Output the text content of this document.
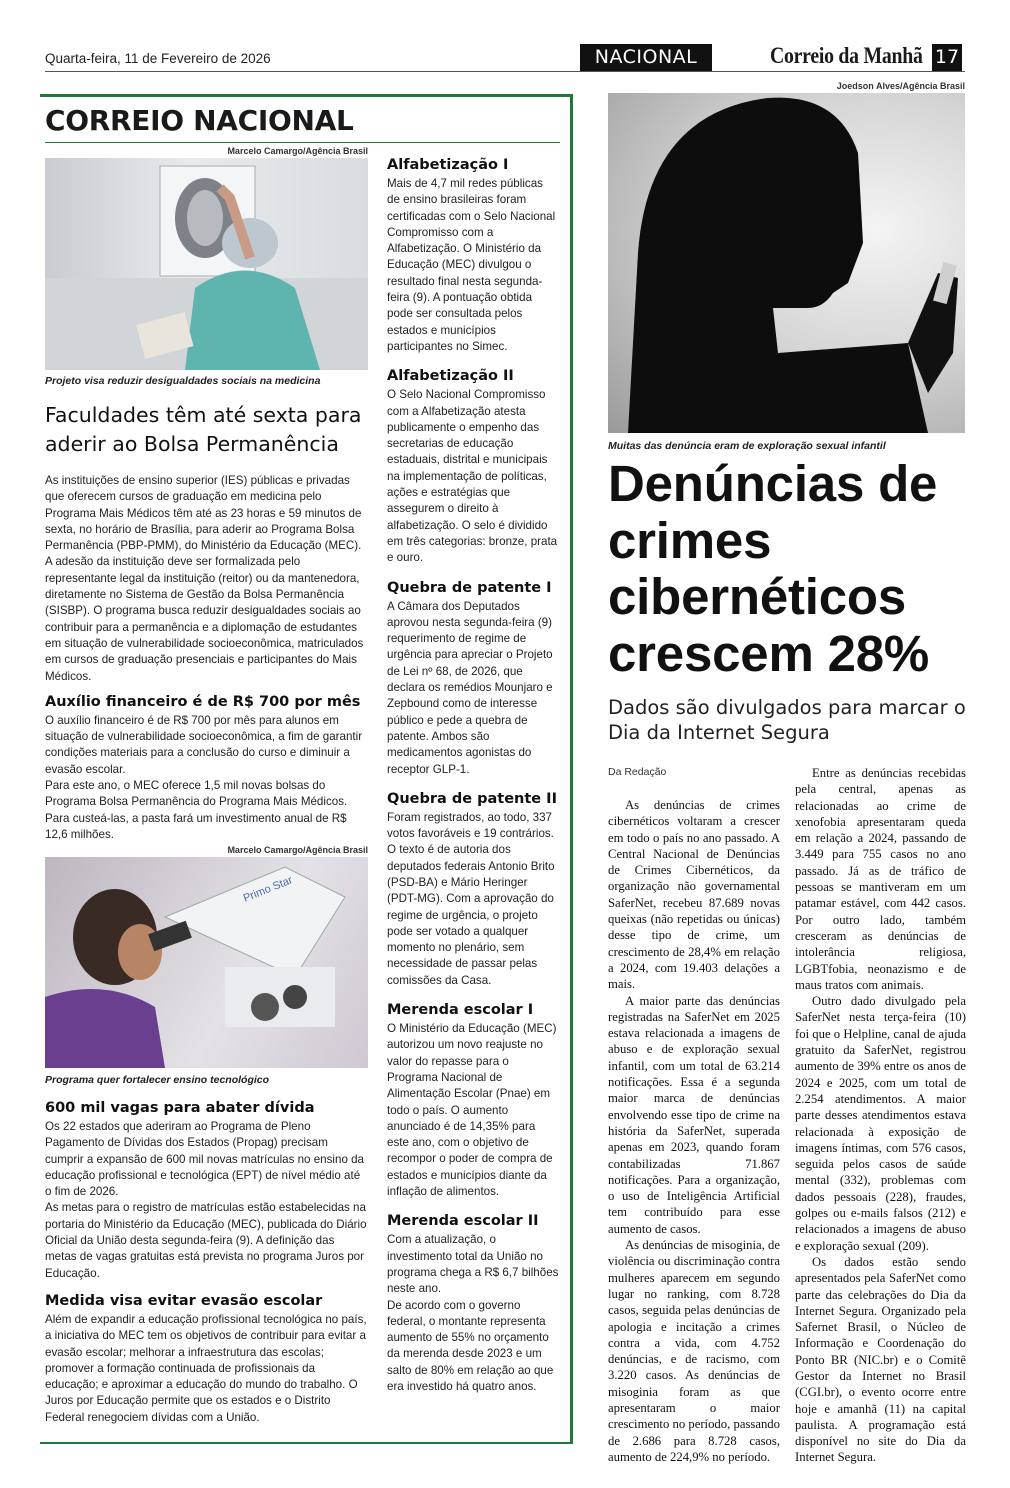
Quarta-feira, 11 de Fevereiro de 2026	NACIONAL	Correio da Manhã 17
CORREIO NACIONAL
Marcelo Camargo/Agência Brasil
Projeto visa reduzir desigualdades sociais na medicina
Faculdades têm até sexta para aderir ao Bolsa Permanência

As instituições de ensino superior (IES) públicas e privadas que oferecem cursos de graduação em medicina pelo Programa Mais Médicos têm até as 23 horas e 59 minutos de sexta, no horário de Brasília, para aderir ao Programa Bolsa Permanência (PBP-PMM), do Ministério da Educação (MEC). A adesão da instituição deve ser formalizada pelo representante legal da instituição (reitor) ou da mantenedora, diretamente no Sistema de Gestão da Bolsa Permanência (SISBP). O programa busca reduzir desigualdades sociais ao contribuir para a permanência e a diplomação de estudantes em situação de vulnerabilidade socioeconômica, matriculados em cursos de graduação presenciais e participantes do Mais Médicos.

Auxílio financeiro é de R$ 700 por mês

O auxílio financeiro é de R$ 700 por mês para alunos em situação de vulnerabilidade socioeconômica, a fim de garantir condições materiais para a conclusão do curso e diminuir a evasão escolar.

Para este ano, o MEC oferece 1,5 mil novas bolsas do Programa Bolsa Permanência do Programa Mais Médicos. Para custeá-las, a pasta fará um investimento anual de R$ 12,6 milhões.

Marcelo Camargo/Agência Brasil
Primo Star
Programa quer fortalecer ensino tecnológico
600 mil vagas para abater dívida

Os 22 estados que aderiram ao Programa de Pleno Pagamento de Dívidas dos Estados (Propag) precisam cumprir a expansão de 600 mil novas matrículas no ensino da educação profissional e tecnológica (EPT) de nível médio até o fim de 2026.

As metas para o registro de matrículas estão estabelecidas na portaria do Ministério da Educação (MEC), publicada do Diário Oficial da União desta segunda-feira (9). A definição das metas de vagas gratuitas está prevista no programa Juros por Educação.

Medida visa evitar evasão escolar

Além de expandir a educação profissional tecnológica no país, a iniciativa do MEC tem os objetivos de contribuir para evitar a evasão escolar; melhorar a infraestrutura das escolas; promover a formação continuada de profissionais da educação; e aproximar a educação do mundo do trabalho. O Juros por Educação permite que os estados e o Distrito Federal renegociem dívidas com a União.

Alfabetização I

Mais de 4,7 mil redes públicas de ensino brasileiras foram certificadas com o Selo Nacional Compromisso com a Alfabetização. O Ministério da Educação (MEC) divulgou o resultado final nesta segunda-feira (9). A pontuação obtida pode ser consultada pelos estados e municípios participantes no Simec.

Alfabetização II

O Selo Nacional Compromisso com a Alfabetização atesta publicamente o empenho das secretarias de educação estaduais, distrital e municipais na implementação de políticas, ações e estratégias que assegurem o direito à alfabetização. O selo é dividido em três categorias: bronze, prata e ouro.

Quebra de patente I

A Câmara dos Deputados aprovou nesta segunda-feira (9) requerimento de regime de urgência para apreciar o Projeto de Lei nº 68, de 2026, que declara os remédios Mounjaro e Zepbound como de interesse público e pede a quebra de patente. Ambos são medicamentos agonistas do receptor GLP-1.

Quebra de patente II

Foram registrados, ao todo, 337 votos favoráveis e 19 contrários. O texto é de autoria dos deputados federais Antonio Brito (PSD-BA) e Mário Heringer (PDT-MG). Com a aprovação do regime de urgência, o projeto pode ser votado a qualquer momento no plenário, sem necessidade de passar pelas comissões da Casa.

Merenda escolar I

O Ministério da Educação (MEC) autorizou um novo reajuste no valor do repasse para o Programa Nacional de Alimentação Escolar (Pnae) em todo o país. O aumento anunciado é de 14,35% para este ano, com o objetivo de recompor o poder de compra de estados e municípios diante da inflação de alimentos.

Merenda escolar II

Com a atualização, o investimento total da União no programa chega a R$ 6,7 bilhões neste ano.

De acordo com o governo federal, o montante representa aumento de 55% no orçamento da merenda desde 2023 e um salto de 80% em relação ao que era investido há quatro anos.

Joedson Alves/Agência Brasil
Muitas das denúncia eram de exploração sexual infantil
Denúncias de crimes cibernéticos crescem 28%
Dados são divulgados para marcar o Dia da Internet Segura
Da Redação

As denúncias de crimes cibernéticos voltaram a crescer em todo o país no ano passado. A Central Nacional de Denúncias de Crimes Cibernéticos, da organização não governamental SaferNet, recebeu 87.689 novas queixas (não repetidas ou únicas) desse tipo de crime, um crescimento de 28,4% em relação a 2024, com 19.403 delações a mais.

A maior parte das denúncias registradas na SaferNet em 2025 estava relacionada a imagens de abuso e de exploração sexual infantil, com um total de 63.214 notificações. Essa é a segunda maior marca de denúncias envolvendo esse tipo de crime na história da SaferNet, superada apenas em 2023, quando foram contabilizadas 71.867 notificações. Para a organização, o uso de Inteligência Artificial tem contribuído para esse aumento de casos.

As denúncias de misoginia, de violência ou discriminação contra mulheres aparecem em segundo lugar no ranking, com 8.728 casos, seguida pelas denúncias de apologia e incitação a crimes contra a vida, com 4.752 denúncias, e de racismo, com 3.220 casos. As denúncias de misoginia foram as que apresentaram o maior crescimento no período, passando de 2.686 para 8.728 casos, aumento de 224,9% no período.

Entre as denúncias recebidas pela central, apenas as relacionadas ao crime de xenofobia apresentaram queda em relação a 2024, passando de 3.449 para 755 casos no ano passado. Já as de tráfico de pessoas se mantiveram em um patamar estável, com 442 casos. Por outro lado, também cresceram as denúncias de intolerância religiosa, LGBTfobia, neonazismo e de maus tratos com animais.

Outro dado divulgado pela SaferNet nesta terça-feira (10) foi que o Helpline, canal de ajuda gratuito da SaferNet, registrou aumento de 39% entre os anos de 2024 e 2025, com um total de 2.254 atendimentos. A maior parte desses atendimentos estava relacionada à exposição de imagens íntimas, com 576 casos, seguida pelos casos de saúde mental (332), problemas com dados pessoais (228), fraudes, golpes ou e-mails falsos (212) e relacionados a imagens de abuso e exploração sexual (209).

Os dados estão sendo apresentados pela SaferNet como parte das celebrações do Dia da Internet Segura. Organizado pela Safernet Brasil, o Núcleo de Informação e Coordenação do Ponto BR (NIC.br) e o Comitê Gestor da Internet no Brasil (CGI.br), o evento ocorre entre hoje e amanhã (11) na capital paulista. A programação está disponível no site do Dia da Internet Segura.
